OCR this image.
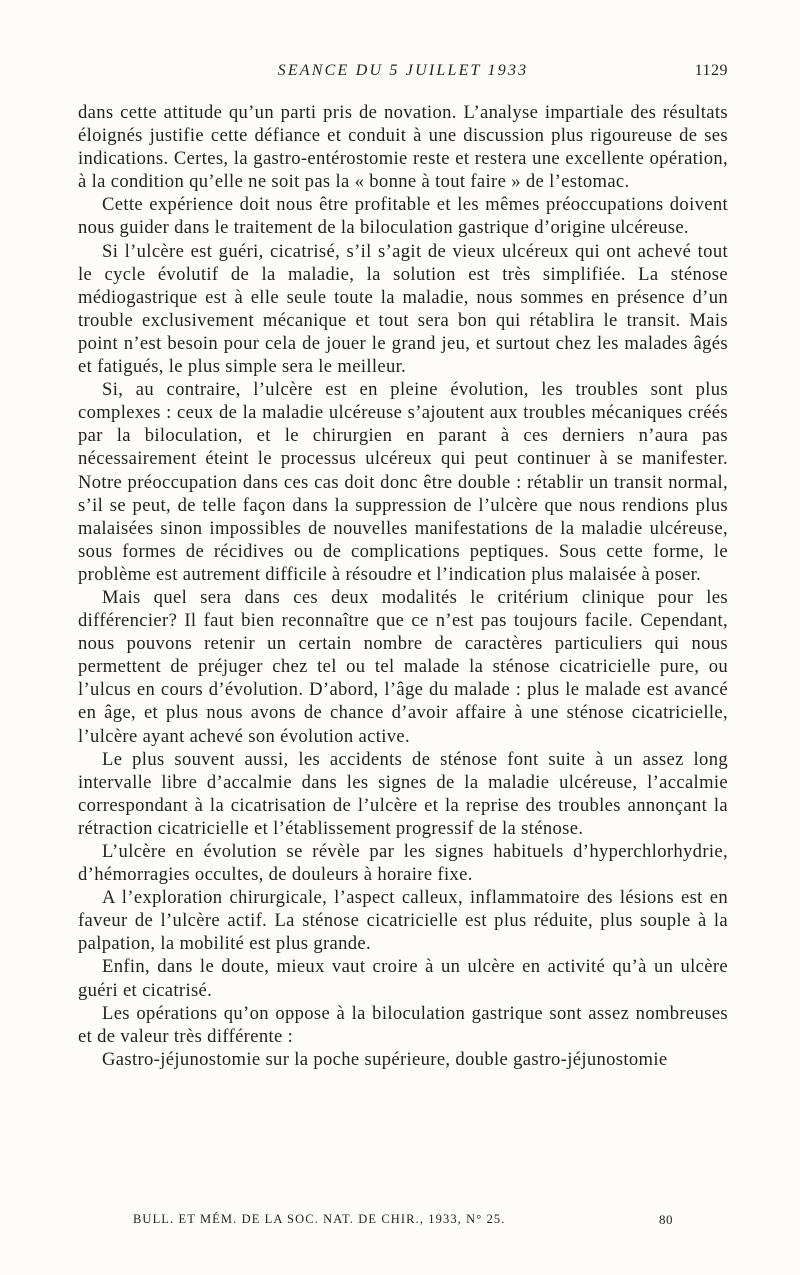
SEANCE DU 5 JUILLET 1933	1129

dans cette attitude qu’un parti pris de novation. L’analyse impartiale des résultats éloignés justifie cette défiance et conduit à une discussion plus rigoureuse de ses indications. Certes, la gastro-entérostomie reste et restera une excellente opération, à la condition qu’elle ne soit pas la « bonne à tout faire » de l’estomac.

Cette expérience doit nous être profitable et les mêmes préoccupations doivent nous guider dans le traitement de la biloculation gastrique d’origine ulcéreuse.

Si l’ulcère est guéri, cicatrisé, s’il s’agit de vieux ulcéreux qui ont achevé tout le cycle évolutif de la maladie, la solution est très simplifiée. La sténose médiogastrique est à elle seule toute la maladie, nous sommes en présence d’un trouble exclusivement mécanique et tout sera bon qui rétablira le transit. Mais point n’est besoin pour cela de jouer le grand jeu, et surtout chez les malades âgés et fatigués, le plus simple sera le meilleur.

Si, au contraire, l’ulcère est en pleine évolution, les troubles sont plus complexes : ceux de la maladie ulcéreuse s’ajoutent aux troubles mécaniques créés par la biloculation, et le chirurgien en parant à ces derniers n’aura pas nécessairement éteint le processus ulcéreux qui peut continuer à se manifester. Notre préoccupation dans ces cas doit donc être double : rétablir un transit normal, s’il se peut, de telle façon dans la suppression de l’ulcère que nous rendions plus malaisées sinon impossibles de nouvelles manifestations de la maladie ulcéreuse, sous formes de récidives ou de complications peptiques. Sous cette forme, le problème est autrement difficile à résoudre et l’indication plus malaisée à poser.

Mais quel sera dans ces deux modalités le critérium clinique pour les différencier? Il faut bien reconnaître que ce n’est pas toujours facile. Cependant, nous pouvons retenir un certain nombre de caractères particuliers qui nous permettent de préjuger chez tel ou tel malade la sténose cicatricielle pure, ou l’ulcus en cours d’évolution. D’abord, l’âge du malade : plus le malade est avancé en âge, et plus nous avons de chance d’avoir affaire à une sténose cicatricielle, l’ulcère ayant achevé son évolution active.

Le plus souvent aussi, les accidents de sténose font suite à un assez long intervalle libre d’accalmie dans les signes de la maladie ulcéreuse, l’accalmie correspondant à la cicatrisation de l’ulcère et la reprise des troubles annonçant la rétraction cicatricielle et l’établissement progressif de la sténose.

L’ulcère en évolution se révèle par les signes habituels d’hyperchlorhydrie, d’hémorragies occultes, de douleurs à horaire fixe.

A l’exploration chirurgicale, l’aspect calleux, inflammatoire des lésions est en faveur de l’ulcère actif. La sténose cicatricielle est plus réduite, plus souple à la palpation, la mobilité est plus grande.

Enfin, dans le doute, mieux vaut croire à un ulcère en activité qu’à un ulcère guéri et cicatrisé.

Les opérations qu’on oppose à la biloculation gastrique sont assez nombreuses et de valeur très différente :

Gastro-jéjunostomie sur la poche supérieure, double gastro-jéjunostomie

BULL. ET MÉM. DE LA SOC. NAT. DE CHIR., 1933, N° 25.	80
